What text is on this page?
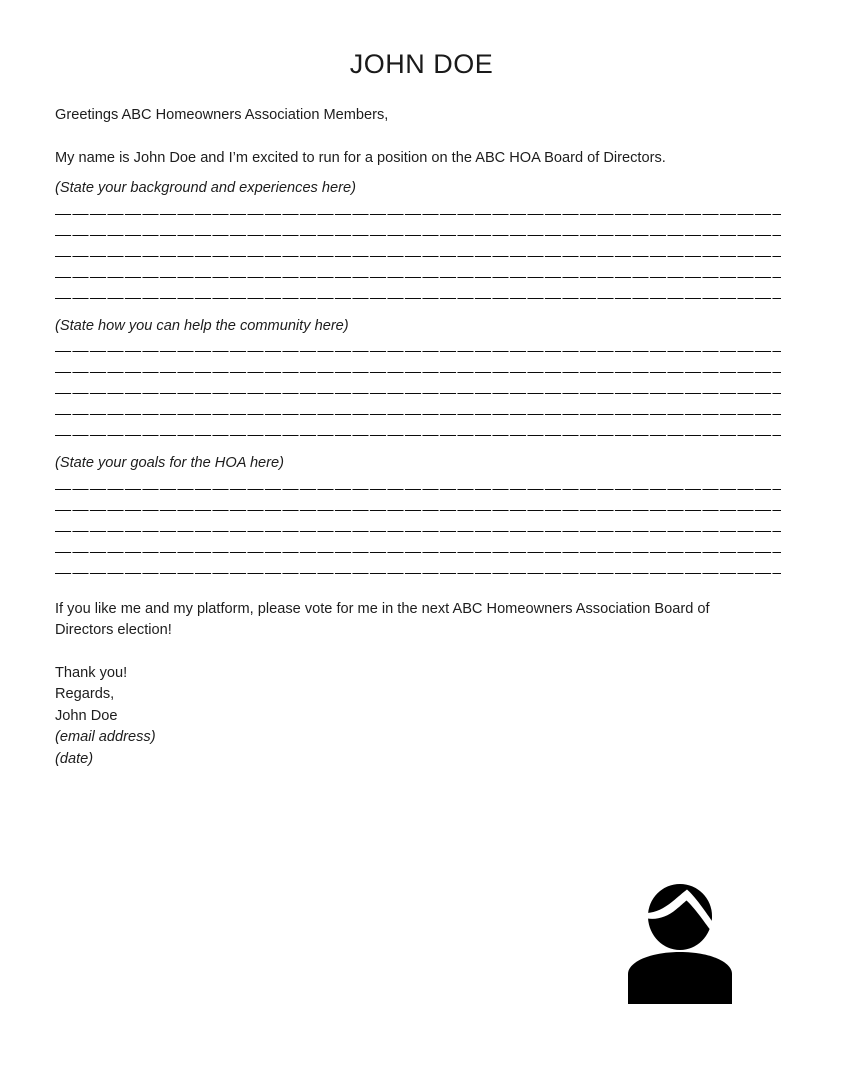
JOHN DOE

Greetings ABC Homeowners Association Members,

My name is John Doe and I’m excited to run for a position on the ABC HOA Board of Directors.

(State your background and experiences here)

(State how you can help the community here)

(State your goals for the HOA here)

If you like me and my platform, please vote for me in the next ABC Homeowners Association Board of Directors election!

Thank you!

Regards,
John Doe
(email address)
(date)
